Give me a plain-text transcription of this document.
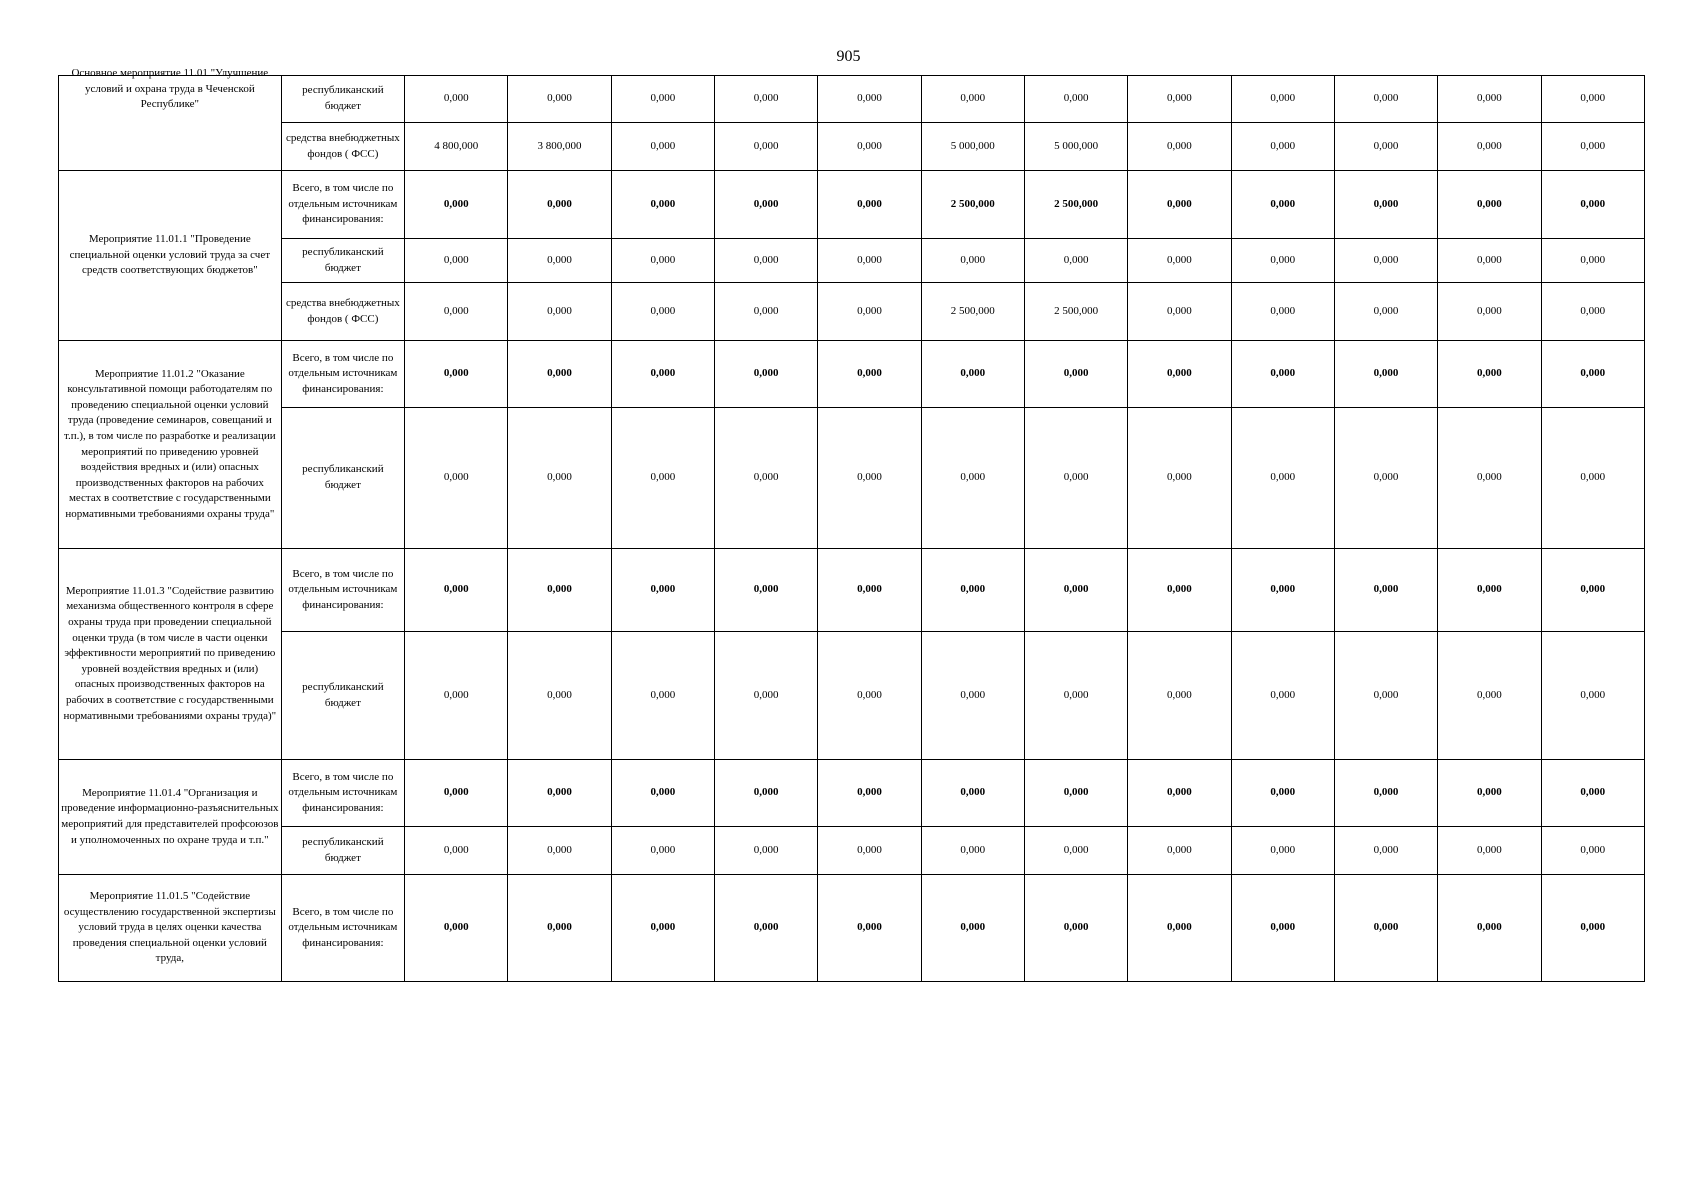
905
Основное мероприятие 11.01 "Улучшение условий и охрана труда в Чеченской Республике"	республиканский бюджет	0,000	0,000	0,000	0,000	0,000	0,000	0,000	0,000	0,000	0,000	0,000	0,000
	средства внебюджетных фондов ( ФСС)	4 800,000	3 800,000	0,000	0,000	0,000	5 000,000	5 000,000	0,000	0,000	0,000	0,000	0,000
Мероприятие 11.01.1 "Проведение специальной оценки условий труда за счет средств соответствующих бюджетов"	Всего, в том числе по отдельным источникам финансирования:	0,000	0,000	0,000	0,000	0,000	2 500,000	2 500,000	0,000	0,000	0,000	0,000	0,000
	республиканский бюджет	0,000	0,000	0,000	0,000	0,000	0,000	0,000	0,000	0,000	0,000	0,000	0,000
	средства внебюджетных фондов ( ФСС)	0,000	0,000	0,000	0,000	0,000	2 500,000	2 500,000	0,000	0,000	0,000	0,000	0,000
Мероприятие 11.01.2 "Оказание консультативной помощи работодателям по проведению специальной оценки условий труда (проведение семинаров, совещаний и т.п.), в том числе по разработке и реализации мероприятий по приведению уровней воздействия вредных и (или) опасных производственных факторов на рабочих местах в соответствие с государственными нормативными требованиями охраны труда"	Всего, в том числе по отдельным источникам финансирования:	0,000	0,000	0,000	0,000	0,000	0,000	0,000	0,000	0,000	0,000	0,000	0,000
	республиканский бюджет	0,000	0,000	0,000	0,000	0,000	0,000	0,000	0,000	0,000	0,000	0,000	0,000
Мероприятие 11.01.3 "Содействие развитию механизма общественного контроля в сфере охраны труда при проведении специальной оценки труда (в том числе в части оценки эффективности мероприятий по приведению уровней воздействия вредных и (или) опасных производственных факторов на рабочих в соответствие с государственными нормативными требованиями охраны труда)"	Всего, в том числе по отдельным источникам финансирования:	0,000	0,000	0,000	0,000	0,000	0,000	0,000	0,000	0,000	0,000	0,000	0,000
	республиканский бюджет	0,000	0,000	0,000	0,000	0,000	0,000	0,000	0,000	0,000	0,000	0,000	0,000
Мероприятие 11.01.4 "Организация и проведение информационно-разъяснительных мероприятий для представителей профсоюзов и уполномоченных по охране труда и т.п."	Всего, в том числе по отдельным источникам финансирования:	0,000	0,000	0,000	0,000	0,000	0,000	0,000	0,000	0,000	0,000	0,000	0,000
	республиканский бюджет	0,000	0,000	0,000	0,000	0,000	0,000	0,000	0,000	0,000	0,000	0,000	0,000
Мероприятие 11.01.5 "Содействие осуществлению государственной экспертизы условий труда в целях оценки качества проведения специальной оценки условий труда,	Всего, в том числе по отдельным источникам финансирования:	0,000	0,000	0,000	0,000	0,000	0,000	0,000	0,000	0,000	0,000	0,000	0,000
